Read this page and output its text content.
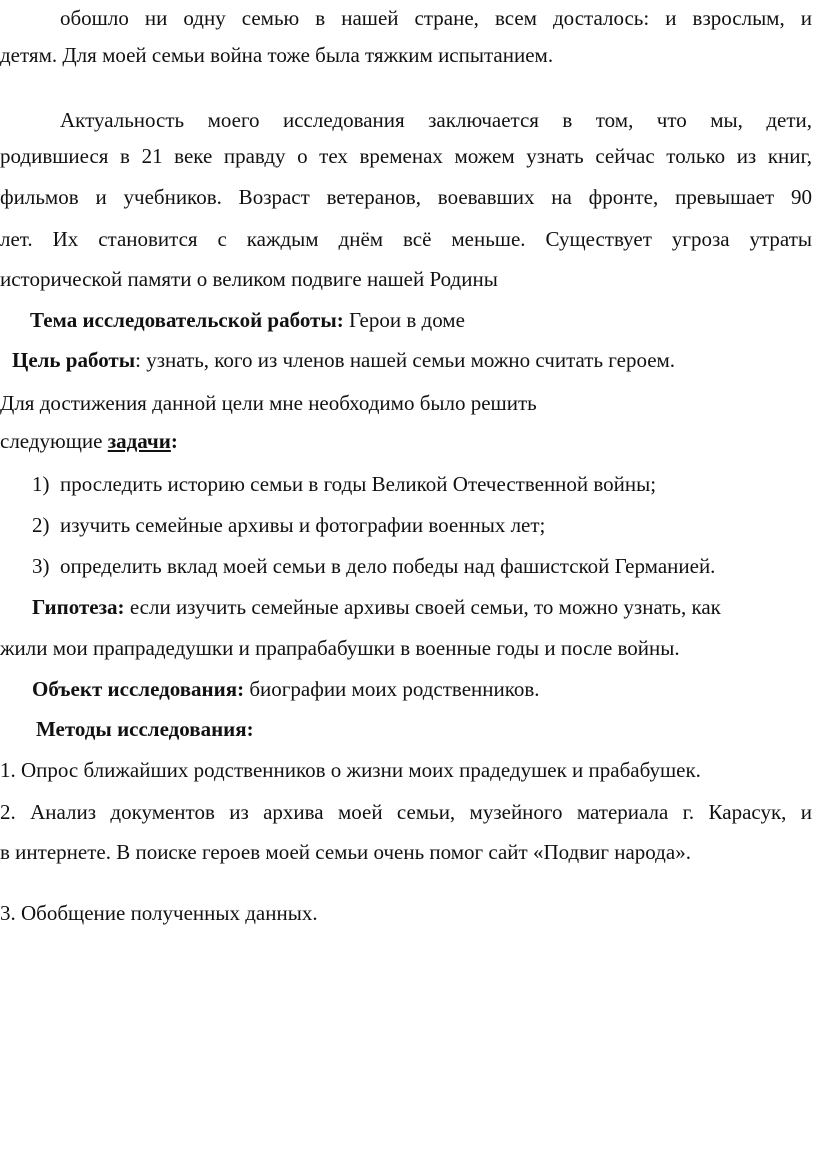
обошло ни одну семью в нашей стране, всем досталось: и взрослым, и
детям. Для моей семьи война тоже была тяжким испытанием.
Актуальность моего исследования заключается в том, что мы, дети,
родившиеся в 21 веке правду о тех временах можем узнать сейчас только из книг,
фильмов и учебников. Возраст ветеранов, воевавших на фронте, превышает 90
лет. Их становится с каждым днём всё меньше. Существует угроза утраты
исторической памяти о великом подвиге нашей Родины
Тема исследовательской работы: Герои в доме
Цель работы: узнать, кого из членов нашей семьи можно считать героем.
Для достижения данной цели мне необходимо было решить
следующие задачи:
1) проследить историю семьи в годы Великой Отечественной войны;
2) изучить семейные архивы и фотографии военных лет;
3) определить вклад моей семьи в дело победы над фашистской Германией.
Гипотеза: если изучить семейные архивы своей семьи, то можно узнать, как
жили мои прапрадедушки и прапрабабушки в военные годы и после войны.
Объект исследования: биографии моих родственников.
Методы исследования:
1. Опрос ближайших родственников о жизни моих прадедушек и прабабушек.
2. Анализ документов из архива моей семьи, музейного материала г. Карасук, и
в интернете. В поиске героев моей семьи очень помог сайт «Подвиг народа».
3. Обобщение полученных данных.
